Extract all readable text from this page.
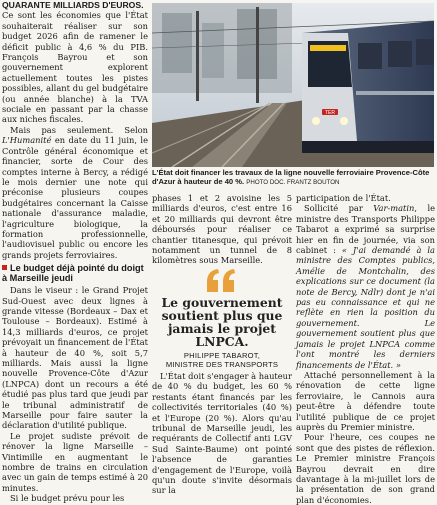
QUARANTE MILLIARDS D'EUROS.

Ce sont les économies que l'État souhaiterait réaliser sur son budget 2026 afin de ramener le déficit public à 4,6 % du PIB. François Bayrou et son gouvernement explorent actuellement toutes les pistes possibles, allant du gel budgétaire (ou année blanche) à la TVA sociale en passant par la chasse aux niches fiscales.

Mais pas seulement. Selon L'Humanité en date du 11 juin, le Contrôle général économique et financier, sorte de Cour des comptes interne à Bercy, a rédigé le mois dernier une note qui préconise plusieurs coupes budgétaires concernant la Caisse nationale d'assurance maladie, l'agriculture biologique, la formation professionnelle, l'audiovisuel public ou encore les grands projets ferroviaires.

Le budget déjà pointé du doigt à Marseille jeudi

Dans le viseur : le Grand Projet Sud-Ouest avec deux lignes à grande vitesse (Bordeaux – Dax et Toulouse – Bordeaux). Estimé à 14,3 milliards d'euros, ce projet prévoyait un financement de l'État à hauteur de 40 %, soit 5,7 milliards. Mais aussi la ligne nouvelle Provence-Côte d'Azur (LNPCA) dont un recours a été étudié pas plus tard que jeudi par le tribunal administratif de Marseille pour faire sauter la déclaration d'utilité publique.

Le projet sudiste prévoit de rénover la ligne Marseille – Vintimille en augmentant le nombre de trains en circulation avec un gain de temps estimé à 20 minutes.

Si le budget prévu pour les

TER
L'État doit financer les travaux de la ligne nouvelle ferroviaire Provence-Côte d'Azur à hauteur de 40 %. PHOTO DOC. FRANTZ BOUTON

phases 1 et 2 avoisine les 5 milliards d'euros, c'est entre 16 et 20 milliards qui devront être déboursés pour réaliser ce chantier titanesque, qui prévoit notamment un tunnel de 8 kilomètres sous Marseille.

Le gouvernement soutient plus que jamais le projet LNPCA.
PHILIPPE TABAROT,
MINISTRE DES TRANSPORTS

L'État doit s'engager à hauteur de 40 % du budget, les 60 % restants étant financés par les collectivités territoriales (40 %) et l'Europe (20 %). Alors qu'au tribunal de Marseille jeudi, les requérants de Collectif anti LGV Sud Sainte-Baume) ont pointé l'absence de garanties d'engagement de l'Europe, voilà qu'un doute s'invite désormais sur la

participation de l'État.

Sollicité par Var-matin, le ministre des Transports Philippe Tabarot a exprimé sa surprise hier en fin de journée, via son cabinet : « J'ai demandé à la ministre des Comptes publics, Amélie de Montchalin, des explications sur ce document (la note de Bercy, Ndlr) dont je n'ai pas eu connaissance et qui ne reflète en rien la position du gouvernement. Le gouvernement soutient plus que jamais le projet LNPCA comme l'ont montré les derniers financements de l'État. »

Attaché personnellement à la rénovation de cette ligne ferroviaire, le Cannois aura peut-être à défendre toute l'utilité publique de ce projet auprès du Premier ministre.

Pour l'heure, ces coupes ne sont que des pistes de réflexion. Le Premier ministre François Bayrou devrait en dire davantage à la mi-juillet lors de la présentation de son grand plan d'économies.
